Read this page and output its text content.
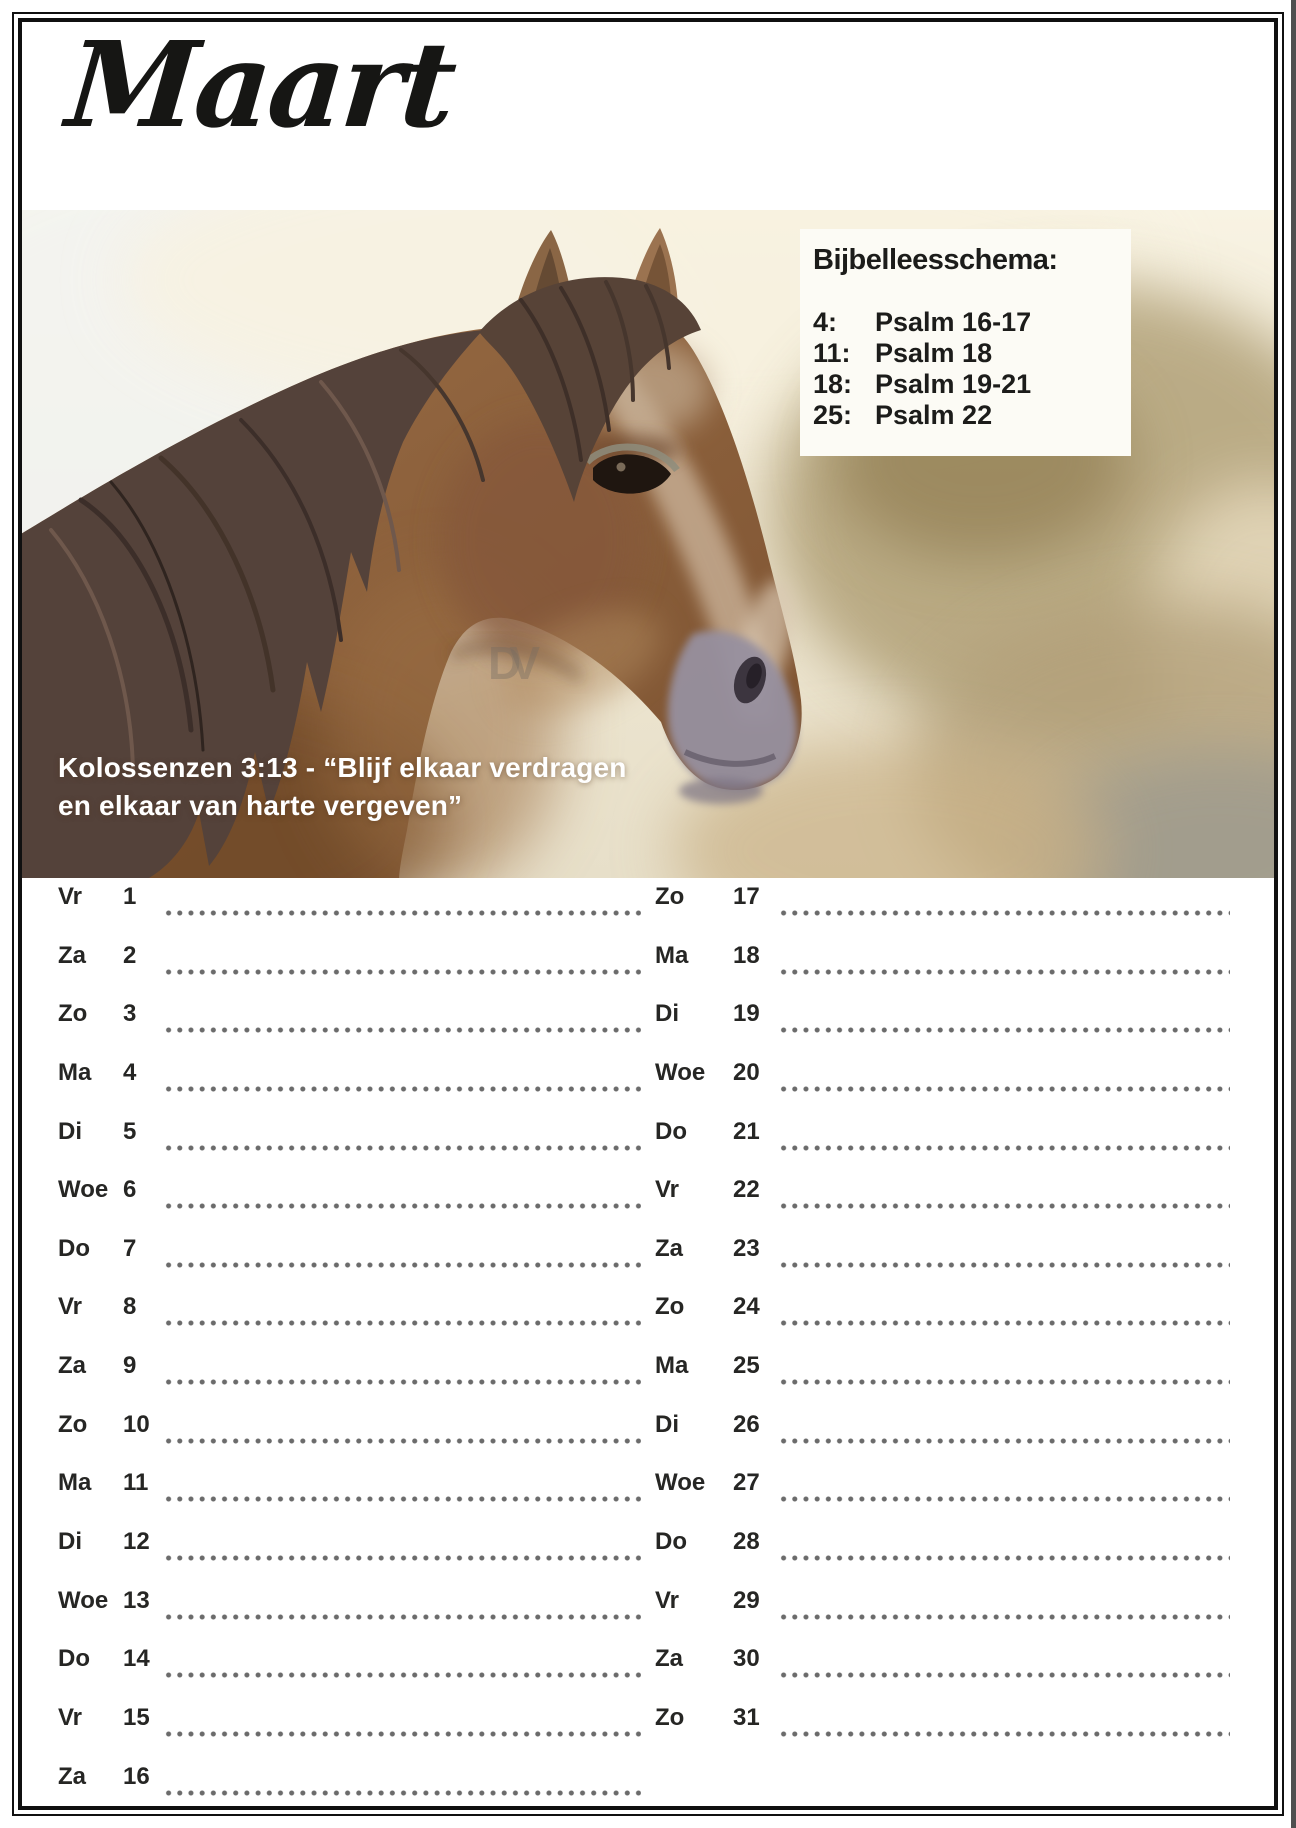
Maart
DV
Bijbelleesschema:
4:	Psalm 16-17
11: Psalm 18
18: Psalm 19-21
25: Psalm 22
Kolossenzen 3:13 - “Blijf elkaar verdragen
en elkaar van harte vergeven”
Vr 1
Za 2
Zo 3
Ma 4
Di 5
Woe 6
Do 7
Vr 8
Za 9
Zo 10
Ma 11
Di 12
Woe 13
Do 14
Vr 15
Za 16
Zo 17
Ma 18
Di 19
Woe 20
Do 21
Vr 22
Za 23
Zo 24
Ma 25
Di 26
Woe 27
Do 28
Vr 29
Za 30
Zo 31
